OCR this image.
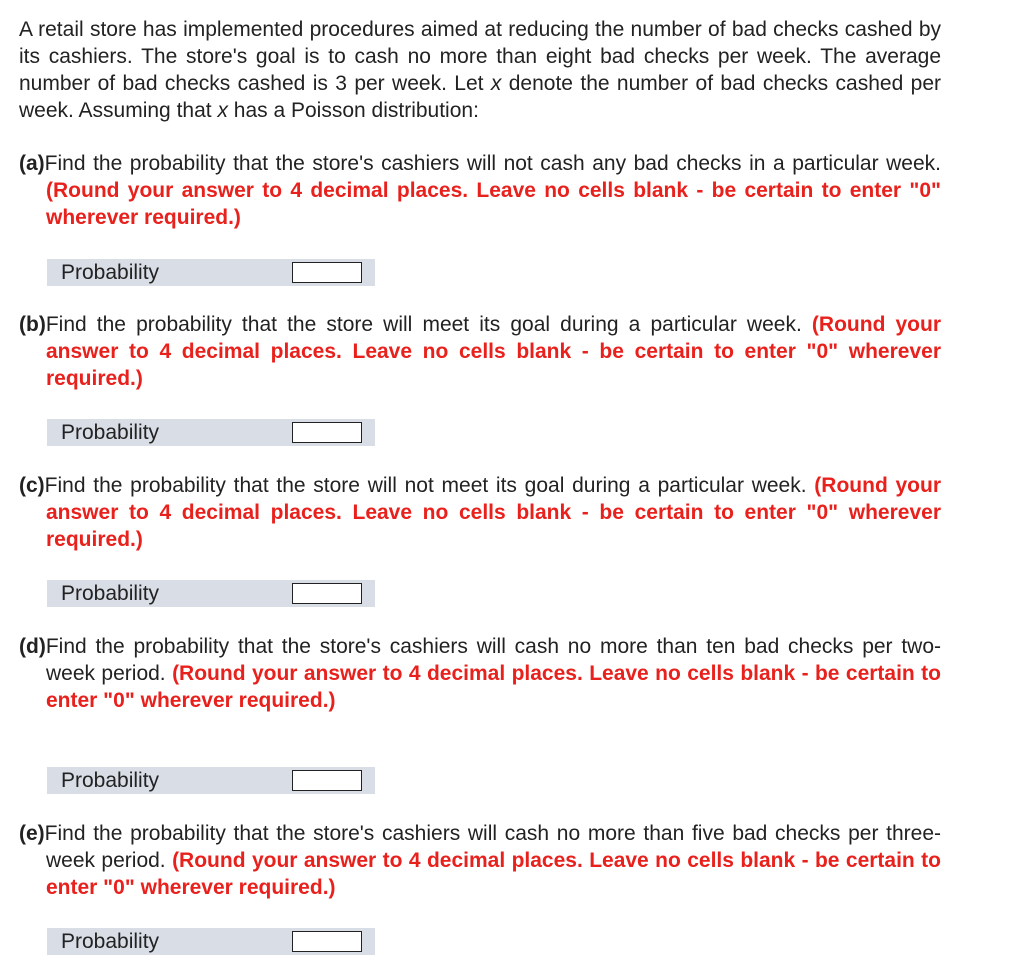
A retail store has implemented procedures aimed at reducing the number of bad checks cashed by its cashiers. The store's goal is to cash no more than eight bad checks per week. The average number of bad checks cashed is 3 per week. Let x denote the number of bad checks cashed per week. Assuming that x has a Poisson distribution:
(a)Find the probability that the store's cashiers will not cash any bad checks in a particular week. (Round your answer to 4 decimal places. Leave no cells blank - be certain to enter "0" wherever required.)
Probability
(b)Find the probability that the store will meet its goal during a particular week. (Round your answer to 4 decimal places. Leave no cells blank - be certain to enter "0" wherever required.)
Probability
(c)Find the probability that the store will not meet its goal during a particular week. (Round your answer to 4 decimal places. Leave no cells blank - be certain to enter "0" wherever required.)
Probability
(d)Find the probability that the store's cashiers will cash no more than ten bad checks per two-week period. (Round your answer to 4 decimal places. Leave no cells blank - be certain to enter "0" wherever required.)
Probability
(e)Find the probability that the store's cashiers will cash no more than five bad checks per three-week period. (Round your answer to 4 decimal places. Leave no cells blank - be certain to enter "0" wherever required.)
Probability
